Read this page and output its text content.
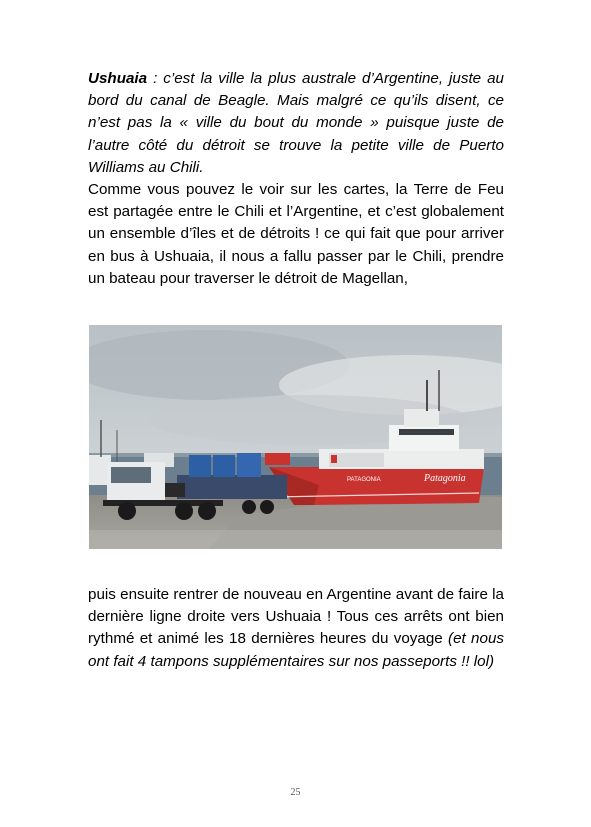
Ushuaia : c’est la ville la plus australe d’Argentine, juste au bord du canal de Beagle. Mais malgré ce qu’ils disent, ce n’est pas la « ville du bout du monde » puisque juste de l’autre côté du détroit se trouve la petite ville de Puerto Williams au Chili.

Comme vous pouvez le voir sur les cartes, la Terre de Feu est partagée entre le Chili et l’Argentine, et c’est globalement un ensemble d’îles et de détroits ! ce qui fait que pour arriver en bus à Ushuaia, il nous a fallu passer par le Chili, prendre un bateau pour traverser le détroit de Magellan,

PATAGONIA	Patagonia

puis ensuite rentrer de nouveau en Argentine avant de faire la dernière ligne droite vers Ushuaia ! Tous ces arrêts ont bien rythmé et animé les 18 dernières heures du voyage (et nous ont fait 4 tampons supplémentaires sur nos passeports !! lol)

25
